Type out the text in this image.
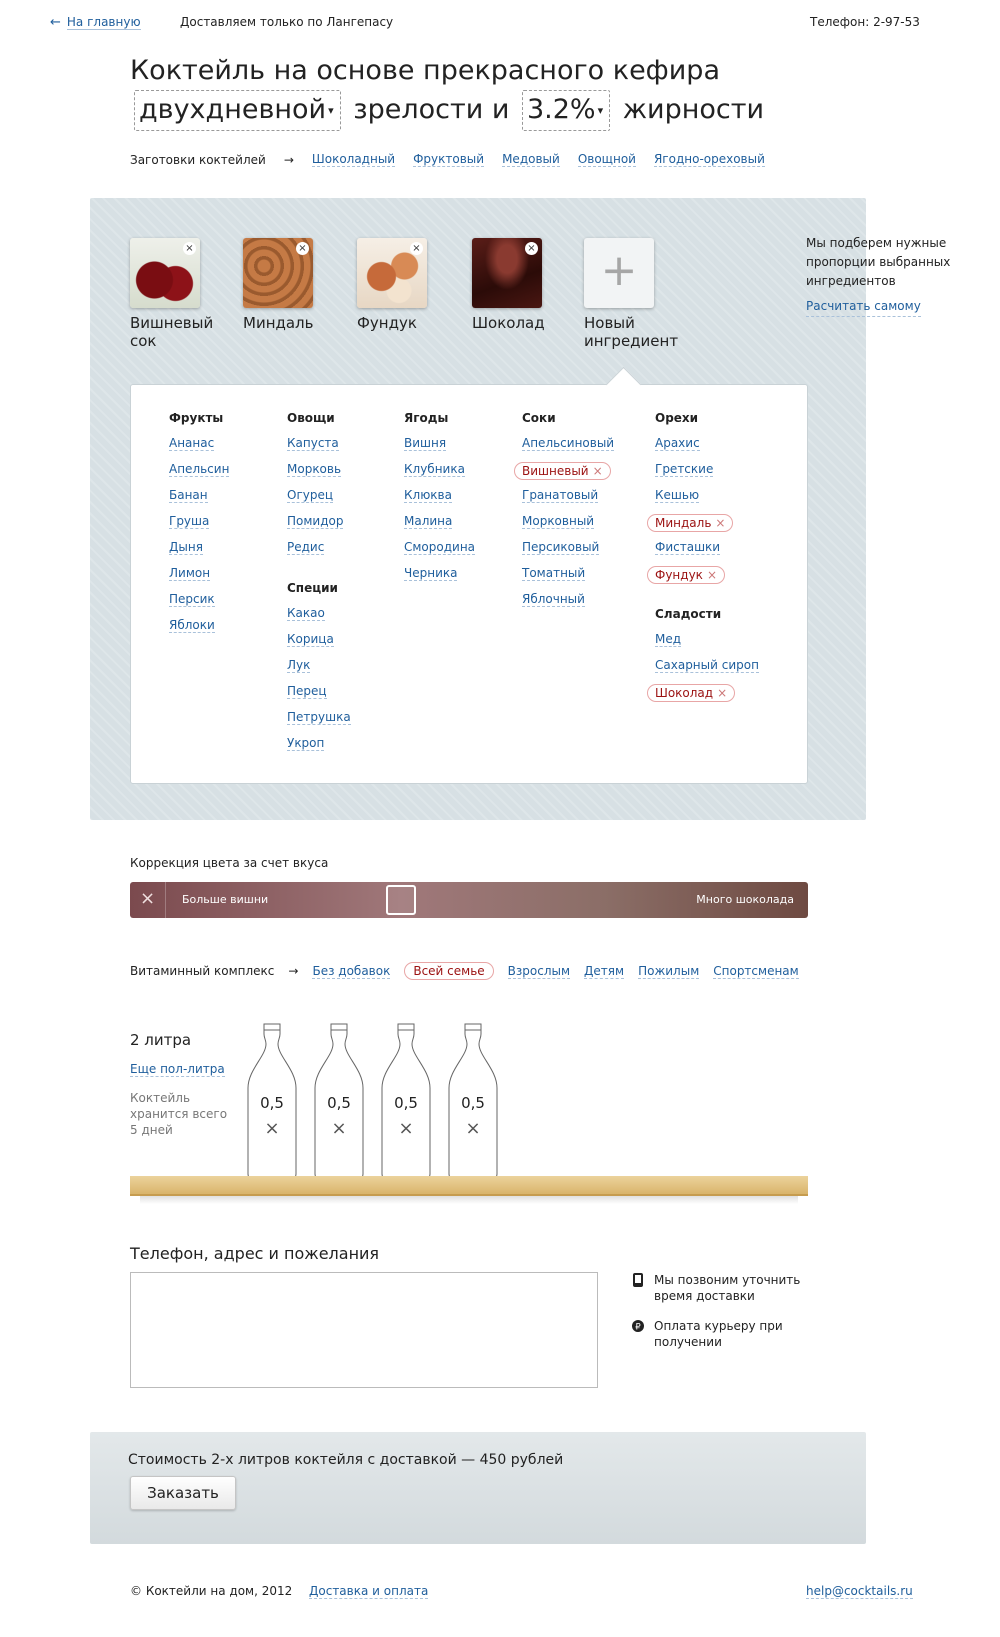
← На главную	Доставляем только по Лангепасу	Телефон: 2-97-53
Коктейль на основе прекрасного кефира
двухдневной ▾ зрелости и 3.2% ▾ жирности
Заготовки коктейлей → Шоколадный Фруктовый Медовый Овощной Ягодно-ореховый
×
Вишневый сок
×
Миндаль
×
Фундук
×
Шоколад
+
Новый ингредиент
Мы подберем нужные пропорции выбранных ингредиентов
Расчитать самому
Фрукты
Ананас
Апельсин
Банан
Груша
Дыня
Лимон
Персик
Яблоки
Овощи
Капуста
Морковь
Огурец
Помидор
Редис
Специи
Какао
Корица
Лук
Перец
Петрушка
Укроп
Ягоды
Вишня
Клубника
Клюква
Малина
Смородина
Черника
Соки
Апельсиновый
Вишневый ×
Гранатовый
Морковный
Персиковый
Томатный
Яблочный
Орехи
Арахис
Гретские
Кешью
Миндаль ×
Фисташки
Фундук ×
Сладости
Мед
Сахарный сироп
Шоколад ×
Коррекция цвета за счет вкуса
×	Больше вишни	Много шоколада
Витаминный комплекс → Без добавок	Всей семье	Взрослым Детям Пожилым Спортсменам
2 литра
Еще пол-литра
Коктейль хранится всего 5 дней
0,5
×
0,5
×
0,5
×
0,5
×
Телефон, адрес и пожелания
Мы позвоним уточнить время доставки
₽	Оплата курьеру при получении
Стоимость 2-х литров коктейля с доставкой — 450 рублей
Заказать
© Коктейли на дом, 2012 Доставка и оплата	help@cocktails.ru
